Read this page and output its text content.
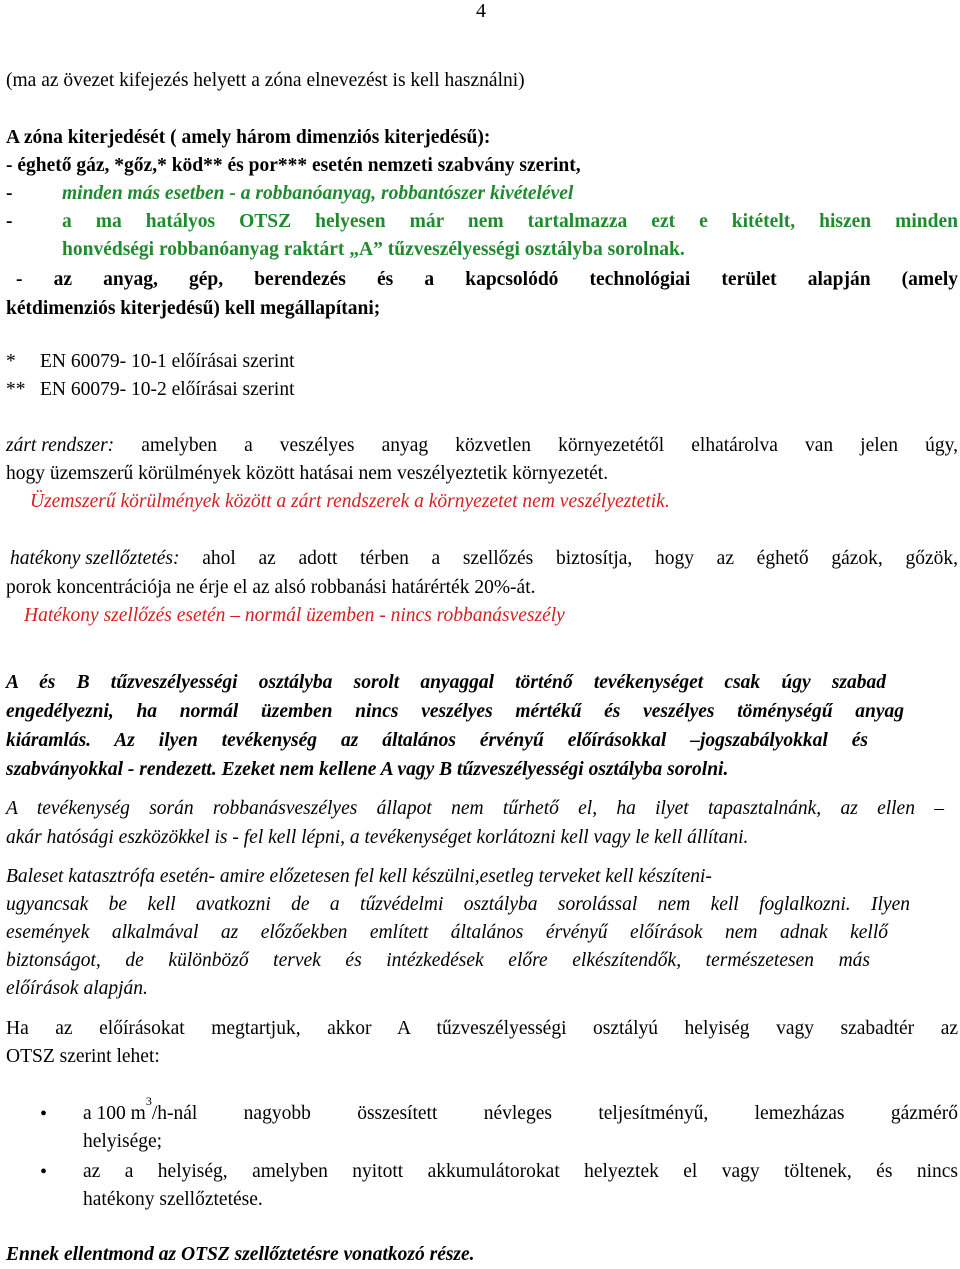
4
(ma az övezet kifejezés helyett a zóna elnevezést is kell használni)
A zóna kiterjedését ( amely három dimenziós kiterjedésű):
- éghető gáz, *gőz,* köd** és por*** esetén nemzeti szabvány szerint,
-	minden más esetben - a robbanóanyag, robbantószer kivételével
-	a ma hatályos OTSZ helyesen már nem tartalmazza ezt e kitételt, hiszen minden
honvédségi robbanóanyag raktárt „A” tűzveszélyességi osztályba sorolnak.
- az anyag, gép, berendezés és a kapcsolódó technológiai terület alapján (amely
kétdimenziós kiterjedésű) kell megállapítani;
* EN 60079- 10-1 előírásai szerint
** EN 60079- 10-2 előírásai szerint
zárt rendszer: amelyben a veszélyes anyag közvetlen környezetétől elhatárolva van jelen úgy,
hogy üzemszerű körülmények között hatásai nem veszélyeztetik környezetét.
Üzemszerű körülmények között a zárt rendszerek a környezetet nem veszélyeztetik.
hatékony szellőztetés: ahol az adott térben a szellőzés biztosítja, hogy az éghető gázok, gőzök,
porok koncentrációja ne érje el az alsó robbanási határérték 20%-át.
Hatékony szellőzés esetén – normál üzemben - nincs robbanásveszély
A és B tűzveszélyességi osztályba sorolt anyaggal történő tevékenységet csak úgy szabad
engedélyezni, ha normál üzemben nincs veszélyes mértékű és veszélyes töménységű anyag
kiáramlás. Az ilyen tevékenység az általános érvényű előírásokkal –jogszabályokkal és
szabványokkal - rendezett. Ezeket nem kellene A vagy B tűzveszélyességi osztályba sorolni.
A tevékenység során robbanásveszélyes állapot nem tűrhető el, ha ilyet tapasztalnánk, az ellen –
akár hatósági eszközökkel is - fel kell lépni, a tevékenységet korlátozni kell vagy le kell állítani.
Baleset katasztrófa esetén- amire előzetesen fel kell készülni,esetleg terveket kell készíteni-
ugyancsak be kell avatkozni de a tűzvédelmi osztályba sorolással nem kell foglalkozni. Ilyen
események alkalmával az előzőekben említett általános érvényű előírások nem adnak kellő
biztonságot, de különböző tervek és intézkedések előre elkészítendők, természetesen más
előírások alapján.
Ha az előírásokat megtartjuk, akkor A tűzveszélyességi osztályú helyiség vagy szabadtér az
OTSZ szerint lehet:
• a 100 m
3
/h-nál nagyobb összesített névleges teljesítményű, lemezházas gázmérő
helyisége;
• az a helyiség, amelyben nyitott akkumulátorokat helyeztek el vagy töltenek, és nincs
hatékony szellőztetése.
Ennek ellentmond az OTSZ szellőztetésre vonatkozó része.
